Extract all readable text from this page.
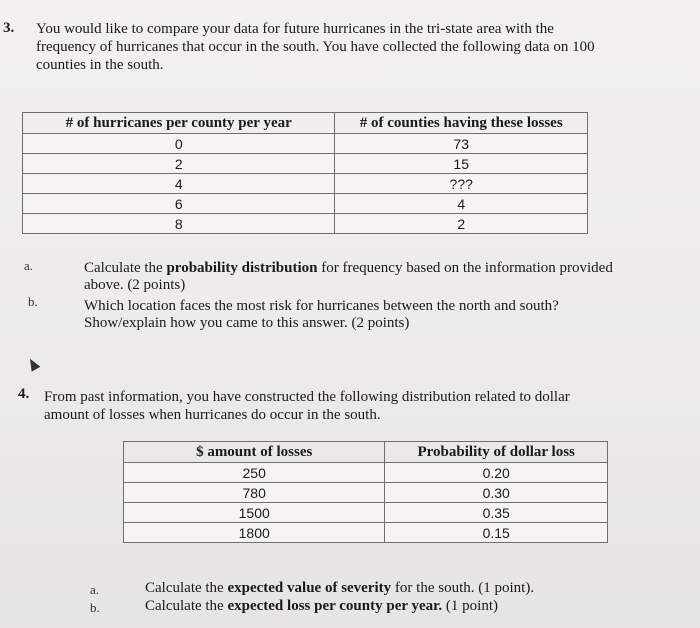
3. You would like to compare your data for future hurricanes in the tri-state area with the
frequency of hurricanes that occur in the south. You have collected the following data on 100
counties in the south.
# of hurricanes per county per year	# of counties having these losses
0	73
2	15
4	???
6	4
8	2
a.	Calculate the probability distribution for frequency based on the information provided
above. (2 points)
b.	Which location faces the most risk for hurricanes between the north and south?
Show/explain how you came to this answer. (2 points)
4. From past information, you have constructed the following distribution related to dollar
amount of losses when hurricanes do occur in the south.
$ amount of losses	Probability of dollar loss
250	0.20
780	0.30
1500	0.35
1800	0.15
a.	Calculate the expected value of severity for the south. (1 point).
b.	Calculate the expected loss per county per year. (1 point)
